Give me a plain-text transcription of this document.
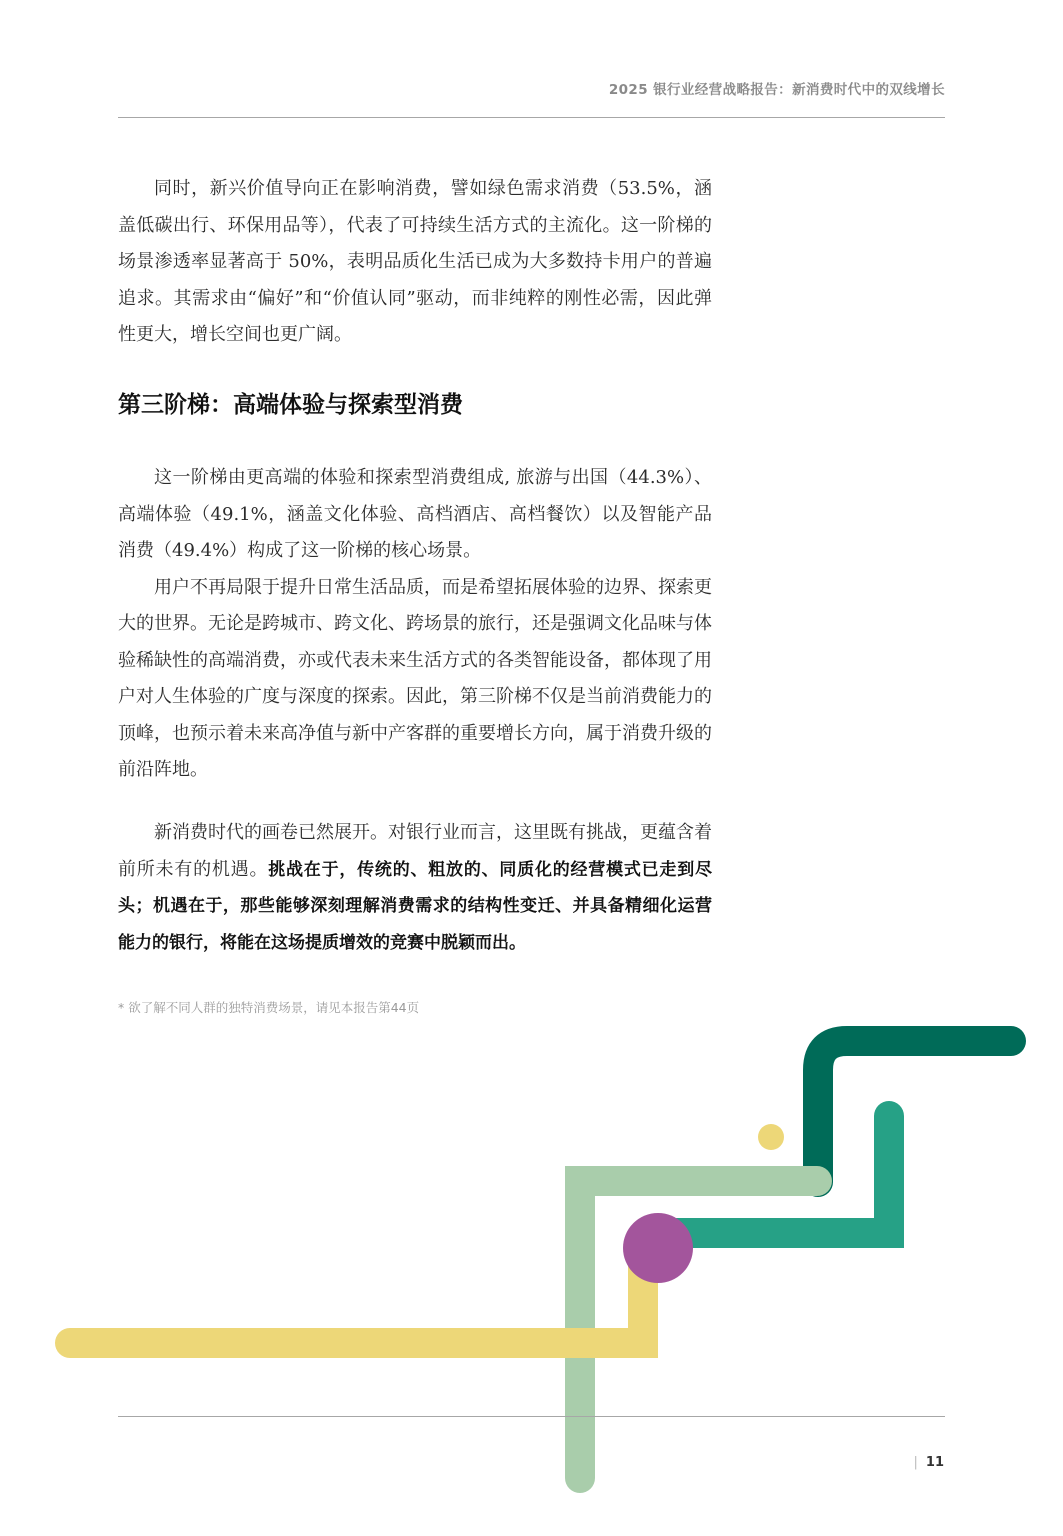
2025 银行业经营战略报告：新消费时代中的双线增长

同时，新兴价值导向正在影响消费，譬如绿色需求消费（53.5%，涵盖低碳出行、环保用品等），代表了可持续生活方式的主流化。这一阶梯的场景渗透率显著高于 50%，表明品质化生活已成为大多数持卡用户的普遍追求。其需求由“偏好”和“价值认同”驱动，而非纯粹的刚性必需，因此弹性更大，增长空间也更广阔。

第三阶梯：高端体验与探索型消费

这一阶梯由更高端的体验和探索型消费组成, 旅游与出国（44.3%）、高端体验（49.1%，涵盖文化体验、高档酒店、高档餐饮）以及智能产品消费（49.4%）构成了这一阶梯的核心场景。

用户不再局限于提升日常生活品质，而是希望拓展体验的边界、探索更大的世界。无论是跨城市、跨文化、跨场景的旅行，还是强调文化品味与体验稀缺性的高端消费，亦或代表未来生活方式的各类智能设备，都体现了用户对人生体验的广度与深度的探索。因此，第三阶梯不仅是当前消费能力的顶峰，也预示着未来高净值与新中产客群的重要增长方向，属于消费升级的前沿阵地。

新消费时代的画卷已然展开。对银行业而言，这里既有挑战，更蕴含着前所未有的机遇。挑战在于，传统的、粗放的、同质化的经营模式已走到尽头；机遇在于，那些能够深刻理解消费需求的结构性变迁、并具备精细化运营能力的银行，将能在这场提质增效的竞赛中脱颖而出。

* 欲了解不同人群的独特消费场景，请见本报告第44页
| 11
